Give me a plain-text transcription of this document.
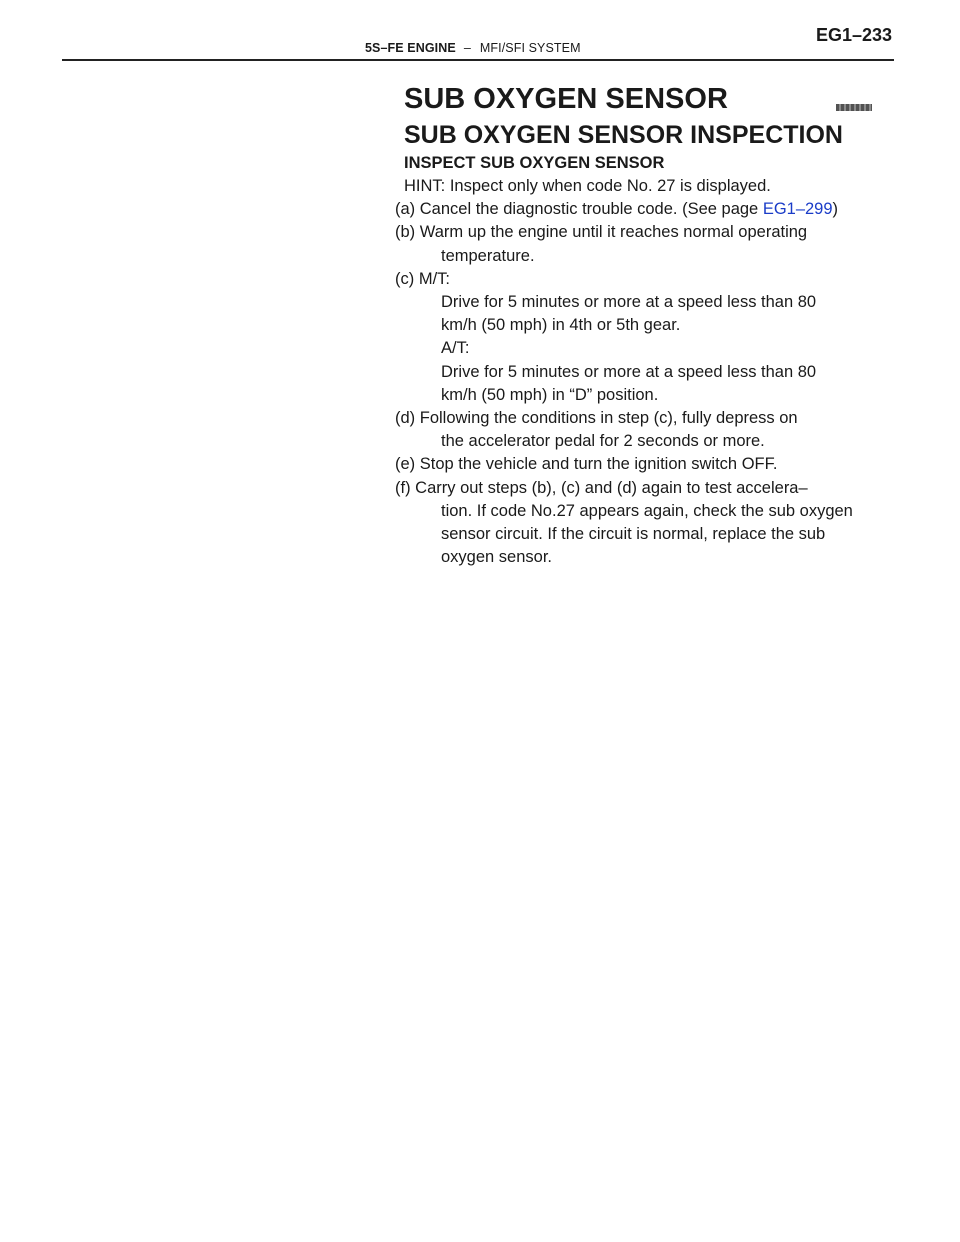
5S–FE ENGINE – MFI/SFI SYSTEM
EG1–233
SUB OXYGEN SENSOR
SUB OXYGEN SENSOR INSPECTION
INSPECT SUB OXYGEN SENSOR
HINT: Inspect only when code No. 27 is displayed.
(a) Cancel the diagnostic trouble code. (See page EG1–299)
(b) Warm up the engine until it reaches normal operating
temperature.
(c) M/T:
Drive for 5 minutes or more at a speed less than 80
km/h (50 mph) in 4th or 5th gear.
A/T:
Drive for 5 minutes or more at a speed less than 80
km/h (50 mph) in “D” position.
(d) Following the conditions in step (c), fully depress on
the accelerator pedal for 2 seconds or more.
(e) Stop the vehicle and turn the ignition switch OFF.
(f) Carry out steps (b), (c) and (d) again to test accelera–
tion. If code No.27 appears again, check the sub oxygen
sensor circuit. If the circuit is normal, replace the sub
oxygen sensor.
